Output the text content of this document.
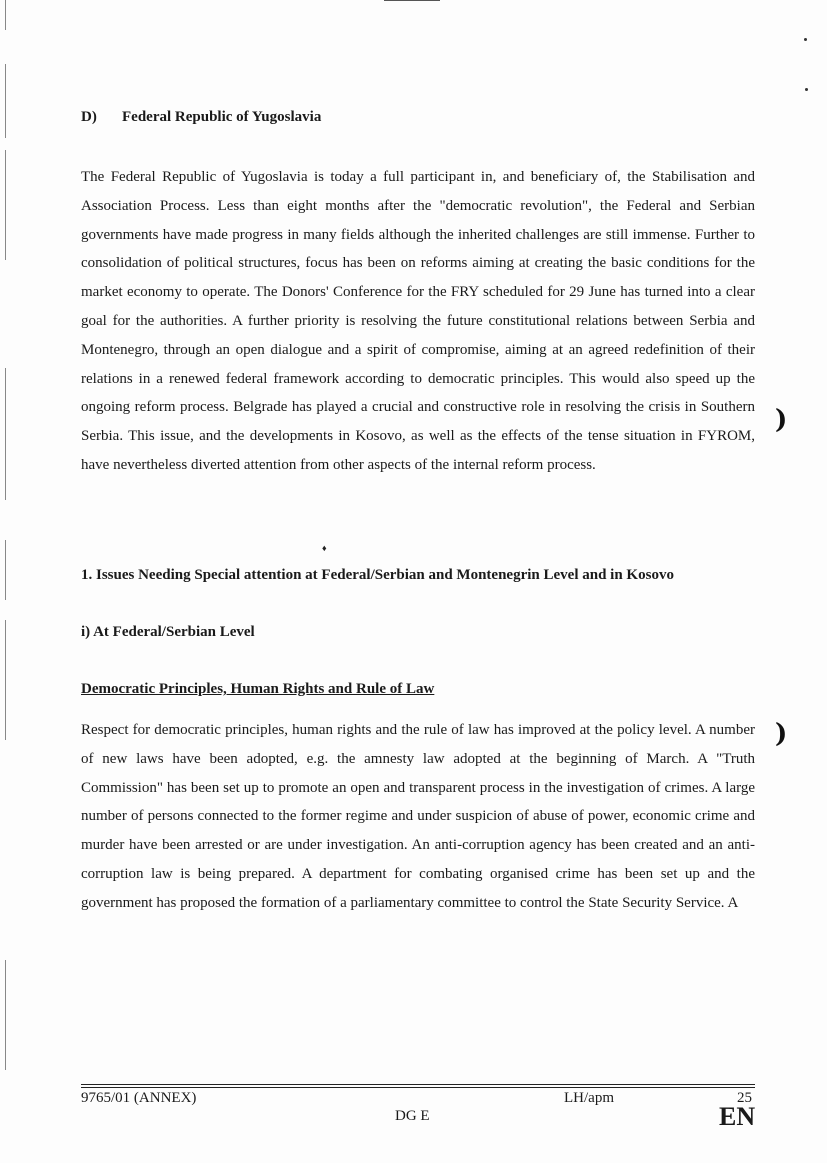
)
)
D) Federal Republic of Yugoslavia

The Federal Republic of Yugoslavia is today a full participant in, and beneficiary of, the Stabilisation and Association Process. Less than eight months after the "democratic revolution", the Federal and Serbian governments have made progress in many fields although the inherited challenges are still immense. Further to consolidation of political structures, focus has been on reforms aiming at creating the basic conditions for the market economy to operate. The Donors' Conference for the FRY scheduled for 29 June has turned into a clear goal for the authorities. A further priority is resolving the future constitutional relations between Serbia and Montenegro, through an open dialogue and a spirit of compromise, aiming at an agreed redefinition of their relations in a renewed federal framework according to democratic principles. This would also speed up the ongoing reform process. Belgrade has played a crucial and constructive role in resolving the crisis in Southern Serbia. This issue, and the developments in Kosovo, as well as the effects of the tense situation in FYROM, have nevertheless diverted attention from other aspects of the internal reform process.

♦
1. Issues Needing Special attention at Federal/Serbian and Montenegrin Level and in Kosovo
i) At Federal/Serbian Level
Democratic Principles, Human Rights and Rule of Law

Respect for democratic principles, human rights and the rule of law has improved at the policy level. A number of new laws have been adopted, e.g. the amnesty law adopted at the beginning of March. A "Truth Commission" has been set up to promote an open and transparent process in the investigation of crimes. A large number of persons connected to the former regime and under suspicion of abuse of power, economic crime and murder have been arrested or are under investigation. An anti-corruption agency has been created and an anti-corruption law is being prepared. A department for combating organised crime has been set up and the government has proposed the formation of a parliamentary committee to control the State Security Service. A

9765/01 (ANNEX)
DG E
LH/apm	25
EN
